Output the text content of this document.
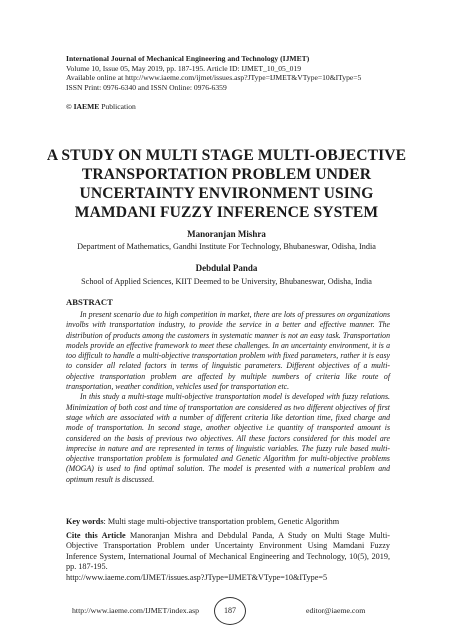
International Journal of Mechanical Engineering and Technology (IJMET)
Volume 10, Issue 05, May 2019, pp. 187-195. Article ID: IJMET_10_05_019
Available online at http://www.iaeme.com/ijmet/issues.asp?JType=IJMET&VType=10&IType=5
ISSN Print: 0976-6340 and ISSN Online: 0976-6359
© IAEME Publication
A STUDY ON MULTI STAGE MULTI-OBJECTIVE TRANSPORTATION PROBLEM UNDER UNCERTAINTY ENVIRONMENT USING MAMDANI FUZZY INFERENCE SYSTEM
Manoranjan Mishra
Department of Mathematics, Gandhi Institute For Technology, Bhubaneswar, Odisha, India
Debdulal Panda
School of Applied Sciences, KIIT Deemed to be University, Bhubaneswar, Odisha, India
ABSTRACT

In present scenario due to high competition in market, there are lots of pressures on organizations involbs with transportation industry, to provide the service in a better and effective manner. The distribution of products among the customers in systematic manner is not an easy task. Transportation models provide an effective framework to meet these challenges. In an uncertainty environment, it is a too difficult to handle a multi-objective transportation problem with fixed parameters, rather it is easy to consider all related factors in terms of linguistic parameters. Different objectives of a multi-objective transportation problem are affected by multiple numbers of criteria like route of transportation, weather condition, vehicles used for transportation etc.

In this study a multi-stage multi-objective transportation model is developed with fuzzy relations. Minimization of both cost and time of transportation are considered as two different objectives of first stage which are associated with a number of different criteria like detortion time, fixed charge and mode of transportation. In second stage, another objective i.e quantity of transported amount is considered on the basis of previous two objectives. All these factors considered for this model are imprecise in nature and are represented in terms of linguistic variables. The fuzzy rule based multi-objective transportation problem is formulated and Genetic Algorithm for multi-objective problems (MOGA) is used to find optimal solution. The model is presented with a numerical problem and optimum result is discussed.

Key words: Multi stage multi-objective transportation problem, Genetic Algorithm
Cite this Article Manoranjan Mishra and Debdulal Panda, A Study on Multi Stage Multi-Objective Transportation Problem under Uncertainty Environment Using Mamdani Fuzzy Inference System, International Journal of Mechanical Engineering and Technology, 10(5), 2019, pp. 187-195.
http://www.iaeme.com/IJMET/issues.asp?JType=IJMET&VType=10&IType=5
http://www.iaeme.com/IJMET/index.asp	187	editor@iaeme.com
